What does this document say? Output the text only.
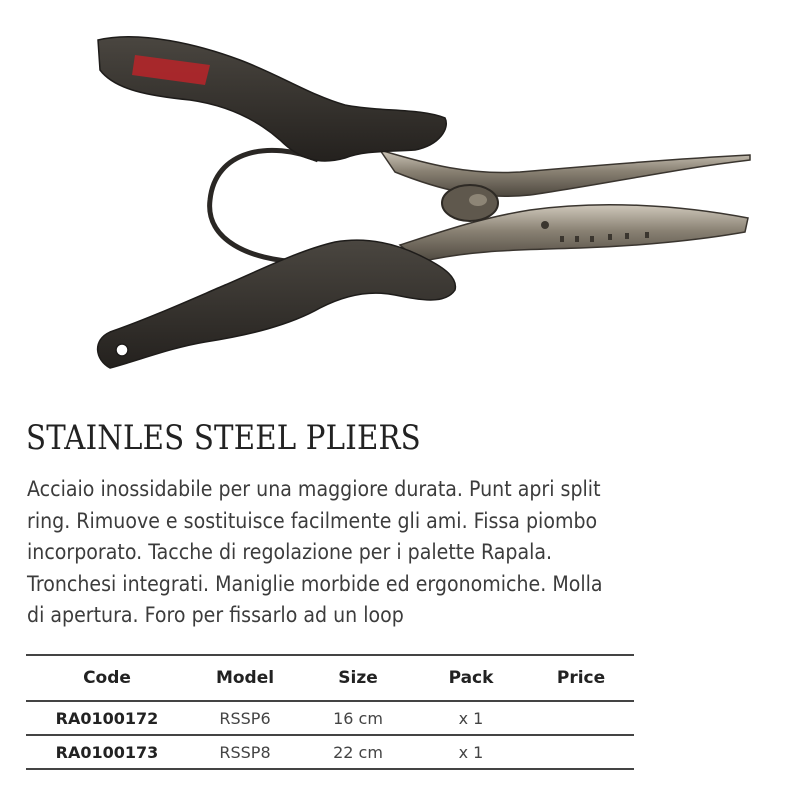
STAINLES STEEL PLIERS

Acciaio inossidabile per una maggiore durata. Punt apri split
ring. Rimuove e sostituisce facilmente gli ami. Fissa piombo
incorporato. Tacche di regolazione per i palette Rapala.
Tronchesi integrati. Maniglie morbide ed ergonomiche. Molla
di apertura. Foro per fissarlo ad un loop

Code	Model	Size	Pack	Price
RA0100172	RSSP6	16 cm	x 1	
RA0100173	RSSP8	22 cm	x 1	
